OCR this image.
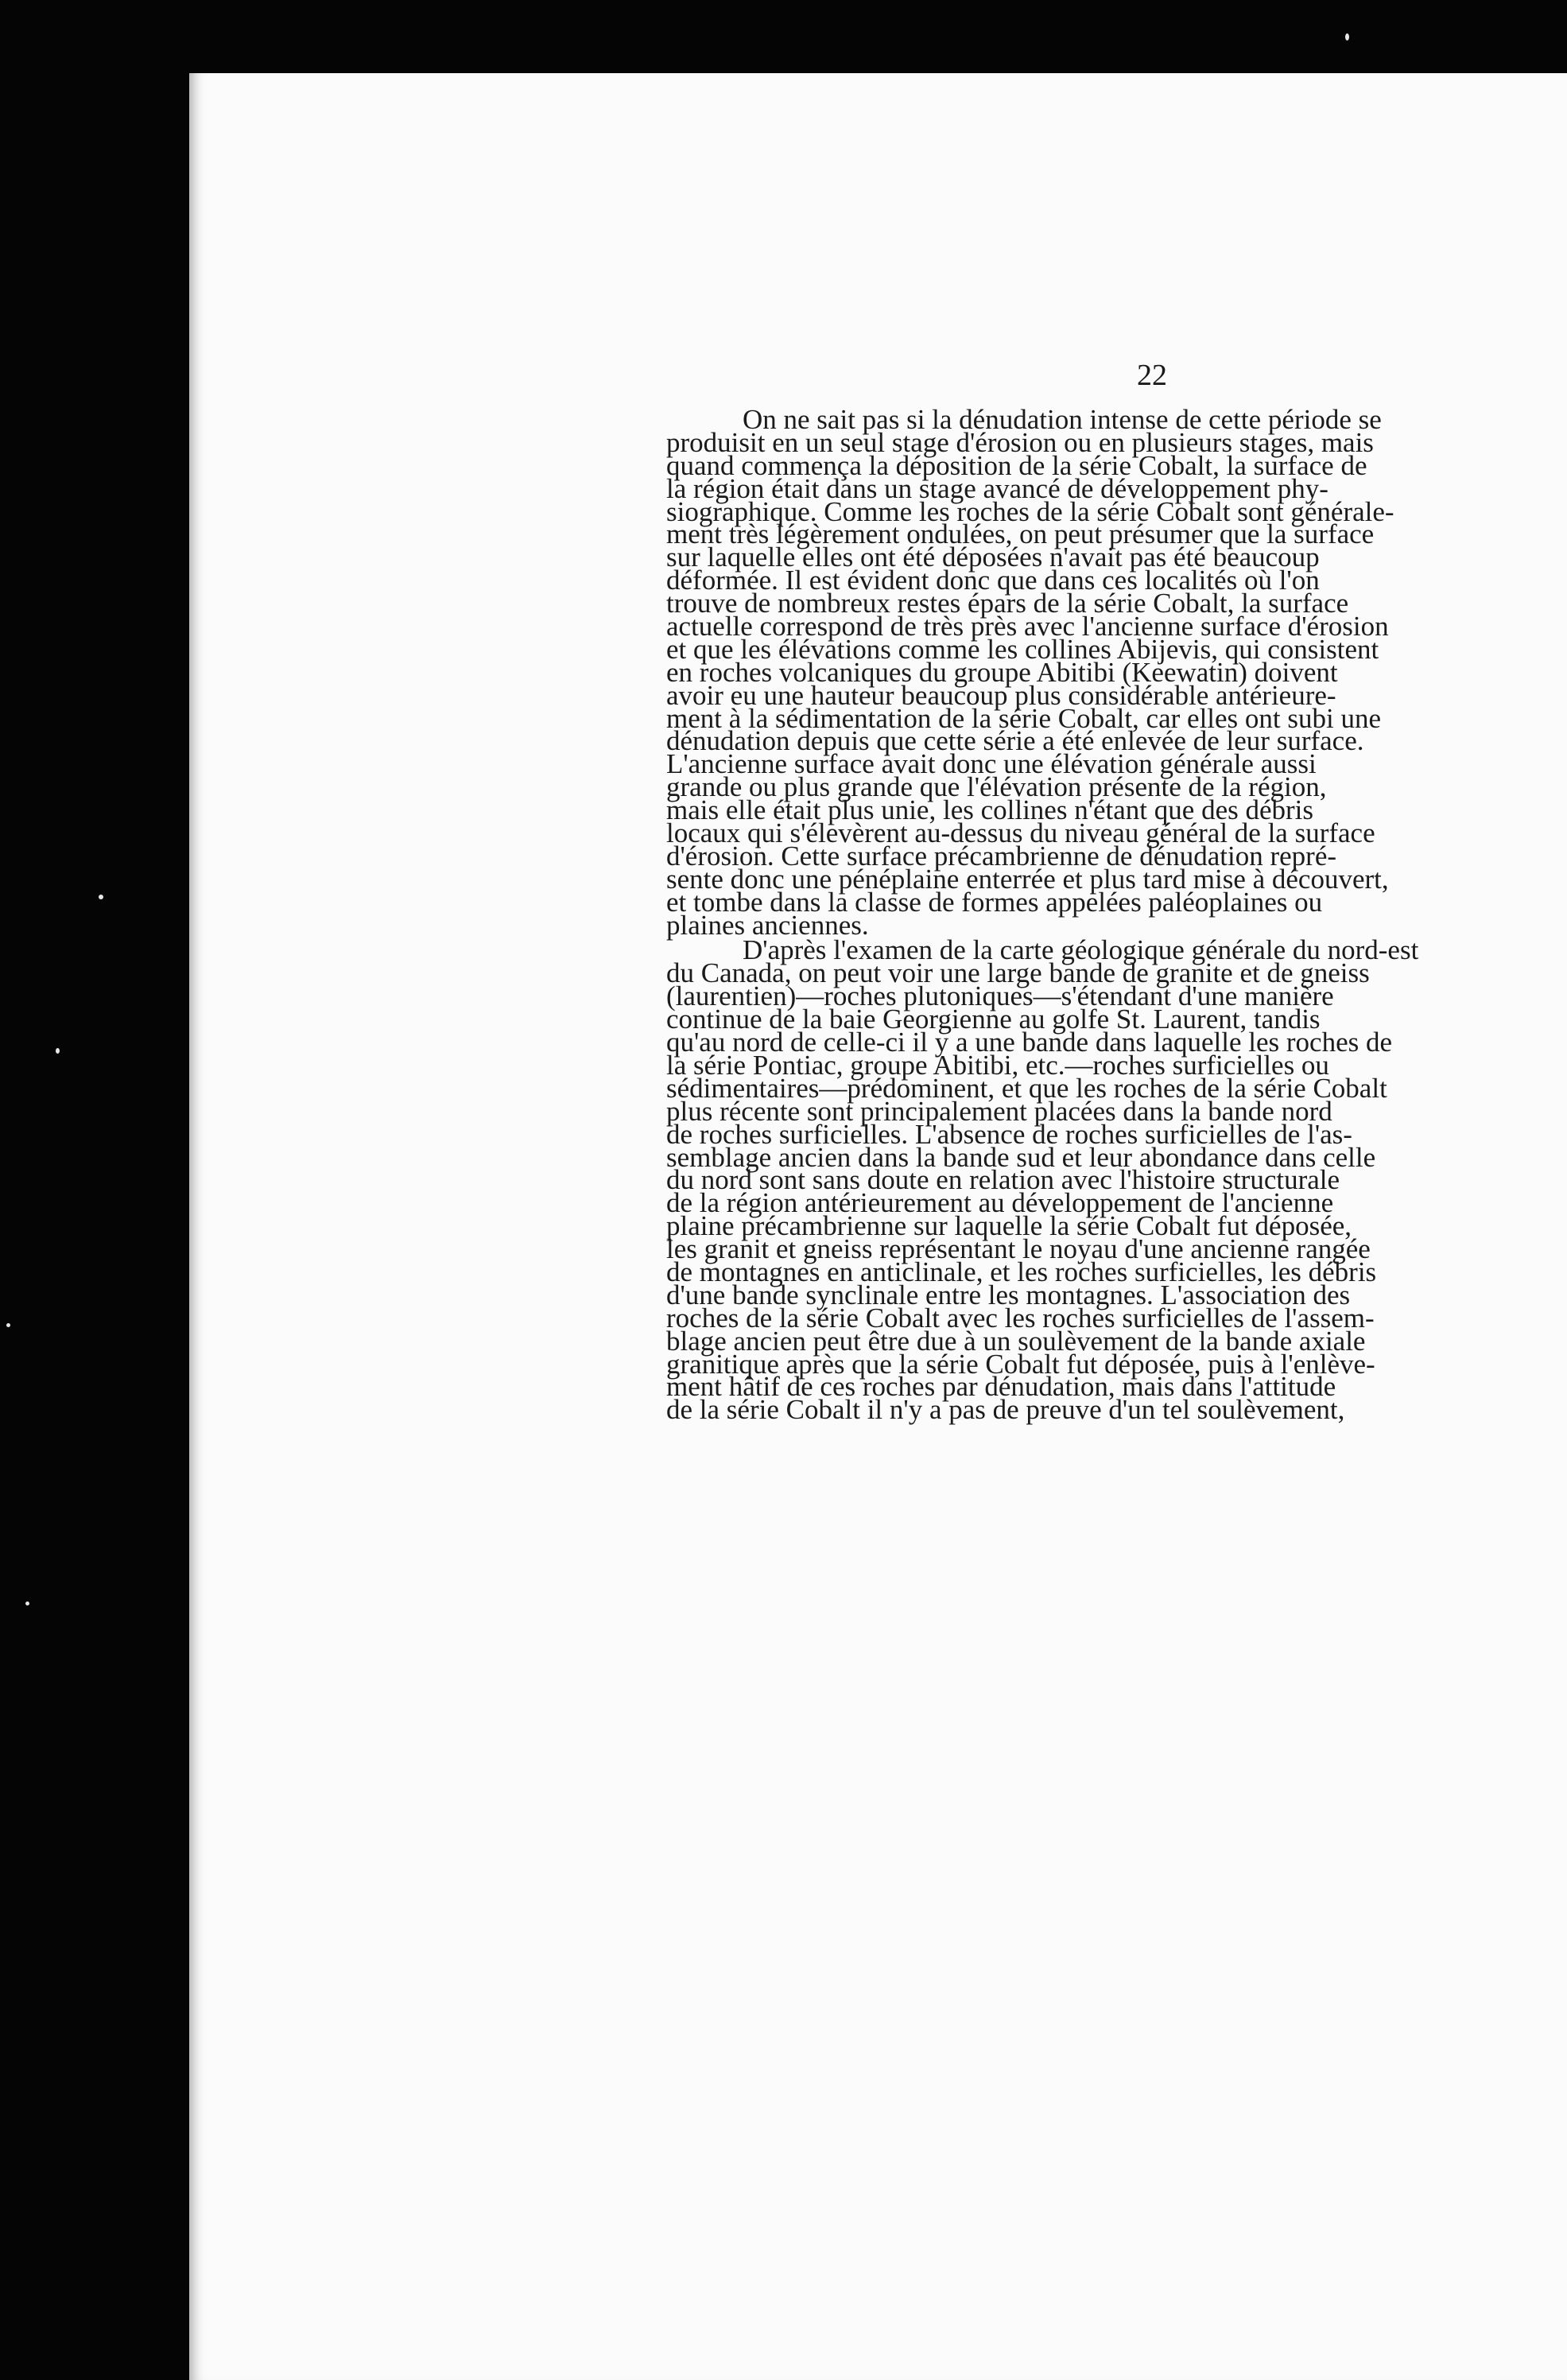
22

On ne sait pas si la dénudation intense de cette période se
produisit en un seul stage d'érosion ou en plusieurs stages, mais
quand commença la déposition de la série Cobalt, la surface de
la région était dans un stage avancé de développement phy-
siographique. Comme les roches de la série Cobalt sont générale-
ment très légèrement ondulées, on peut présumer que la surface
sur laquelle elles ont été déposées n'avait pas été beaucoup
déformée. Il est évident donc que dans ces localités où l'on
trouve de nombreux restes épars de la série Cobalt, la surface
actuelle correspond de très près avec l'ancienne surface d'érosion
et que les élévations comme les collines Abijevis, qui consistent
en roches volcaniques du groupe Abitibi (Keewatin) doivent
avoir eu une hauteur beaucoup plus considérable antérieure-
ment à la sédimentation de la série Cobalt, car elles ont subi une
dénudation depuis que cette série a été enlevée de leur surface.
L'ancienne surface avait donc une élévation générale aussi
grande ou plus grande que l'élévation présente de la région,
mais elle était plus unie, les collines n'étant que des débris
locaux qui s'élevèrent au-dessus du niveau général de la surface
d'érosion. Cette surface précambrienne de dénudation repré-
sente donc une pénéplaine enterrée et plus tard mise à découvert,
et tombe dans la classe de formes appelées paléoplaines ou
plaines anciennes.

D'après l'examen de la carte géologique générale du nord-est
du Canada, on peut voir une large bande de granite et de gneiss
(laurentien)—roches plutoniques—s'étendant d'une manière
continue de la baie Georgienne au golfe St. Laurent, tandis
qu'au nord de celle-ci il y a une bande dans laquelle les roches de
la série Pontiac, groupe Abitibi, etc.—roches surficielles ou
sédimentaires—prédominent, et que les roches de la série Cobalt
plus récente sont principalement placées dans la bande nord
de roches surficielles. L'absence de roches surficielles de l'as-
semblage ancien dans la bande sud et leur abondance dans celle
du nord sont sans doute en relation avec l'histoire structurale
de la région antérieurement au développement de l'ancienne
plaine précambrienne sur laquelle la série Cobalt fut déposée,
les granit et gneiss représentant le noyau d'une ancienne rangée
de montagnes en anticlinale, et les roches surficielles, les débris
d'une bande synclinale entre les montagnes. L'association des
roches de la série Cobalt avec les roches surficielles de l'assem-
blage ancien peut être due à un soulèvement de la bande axiale
granitique après que la série Cobalt fut déposée, puis à l'enlève-
ment hâtif de ces roches par dénudation, mais dans l'attitude
de la série Cobalt il n'y a pas de preuve d'un tel soulèvement,
